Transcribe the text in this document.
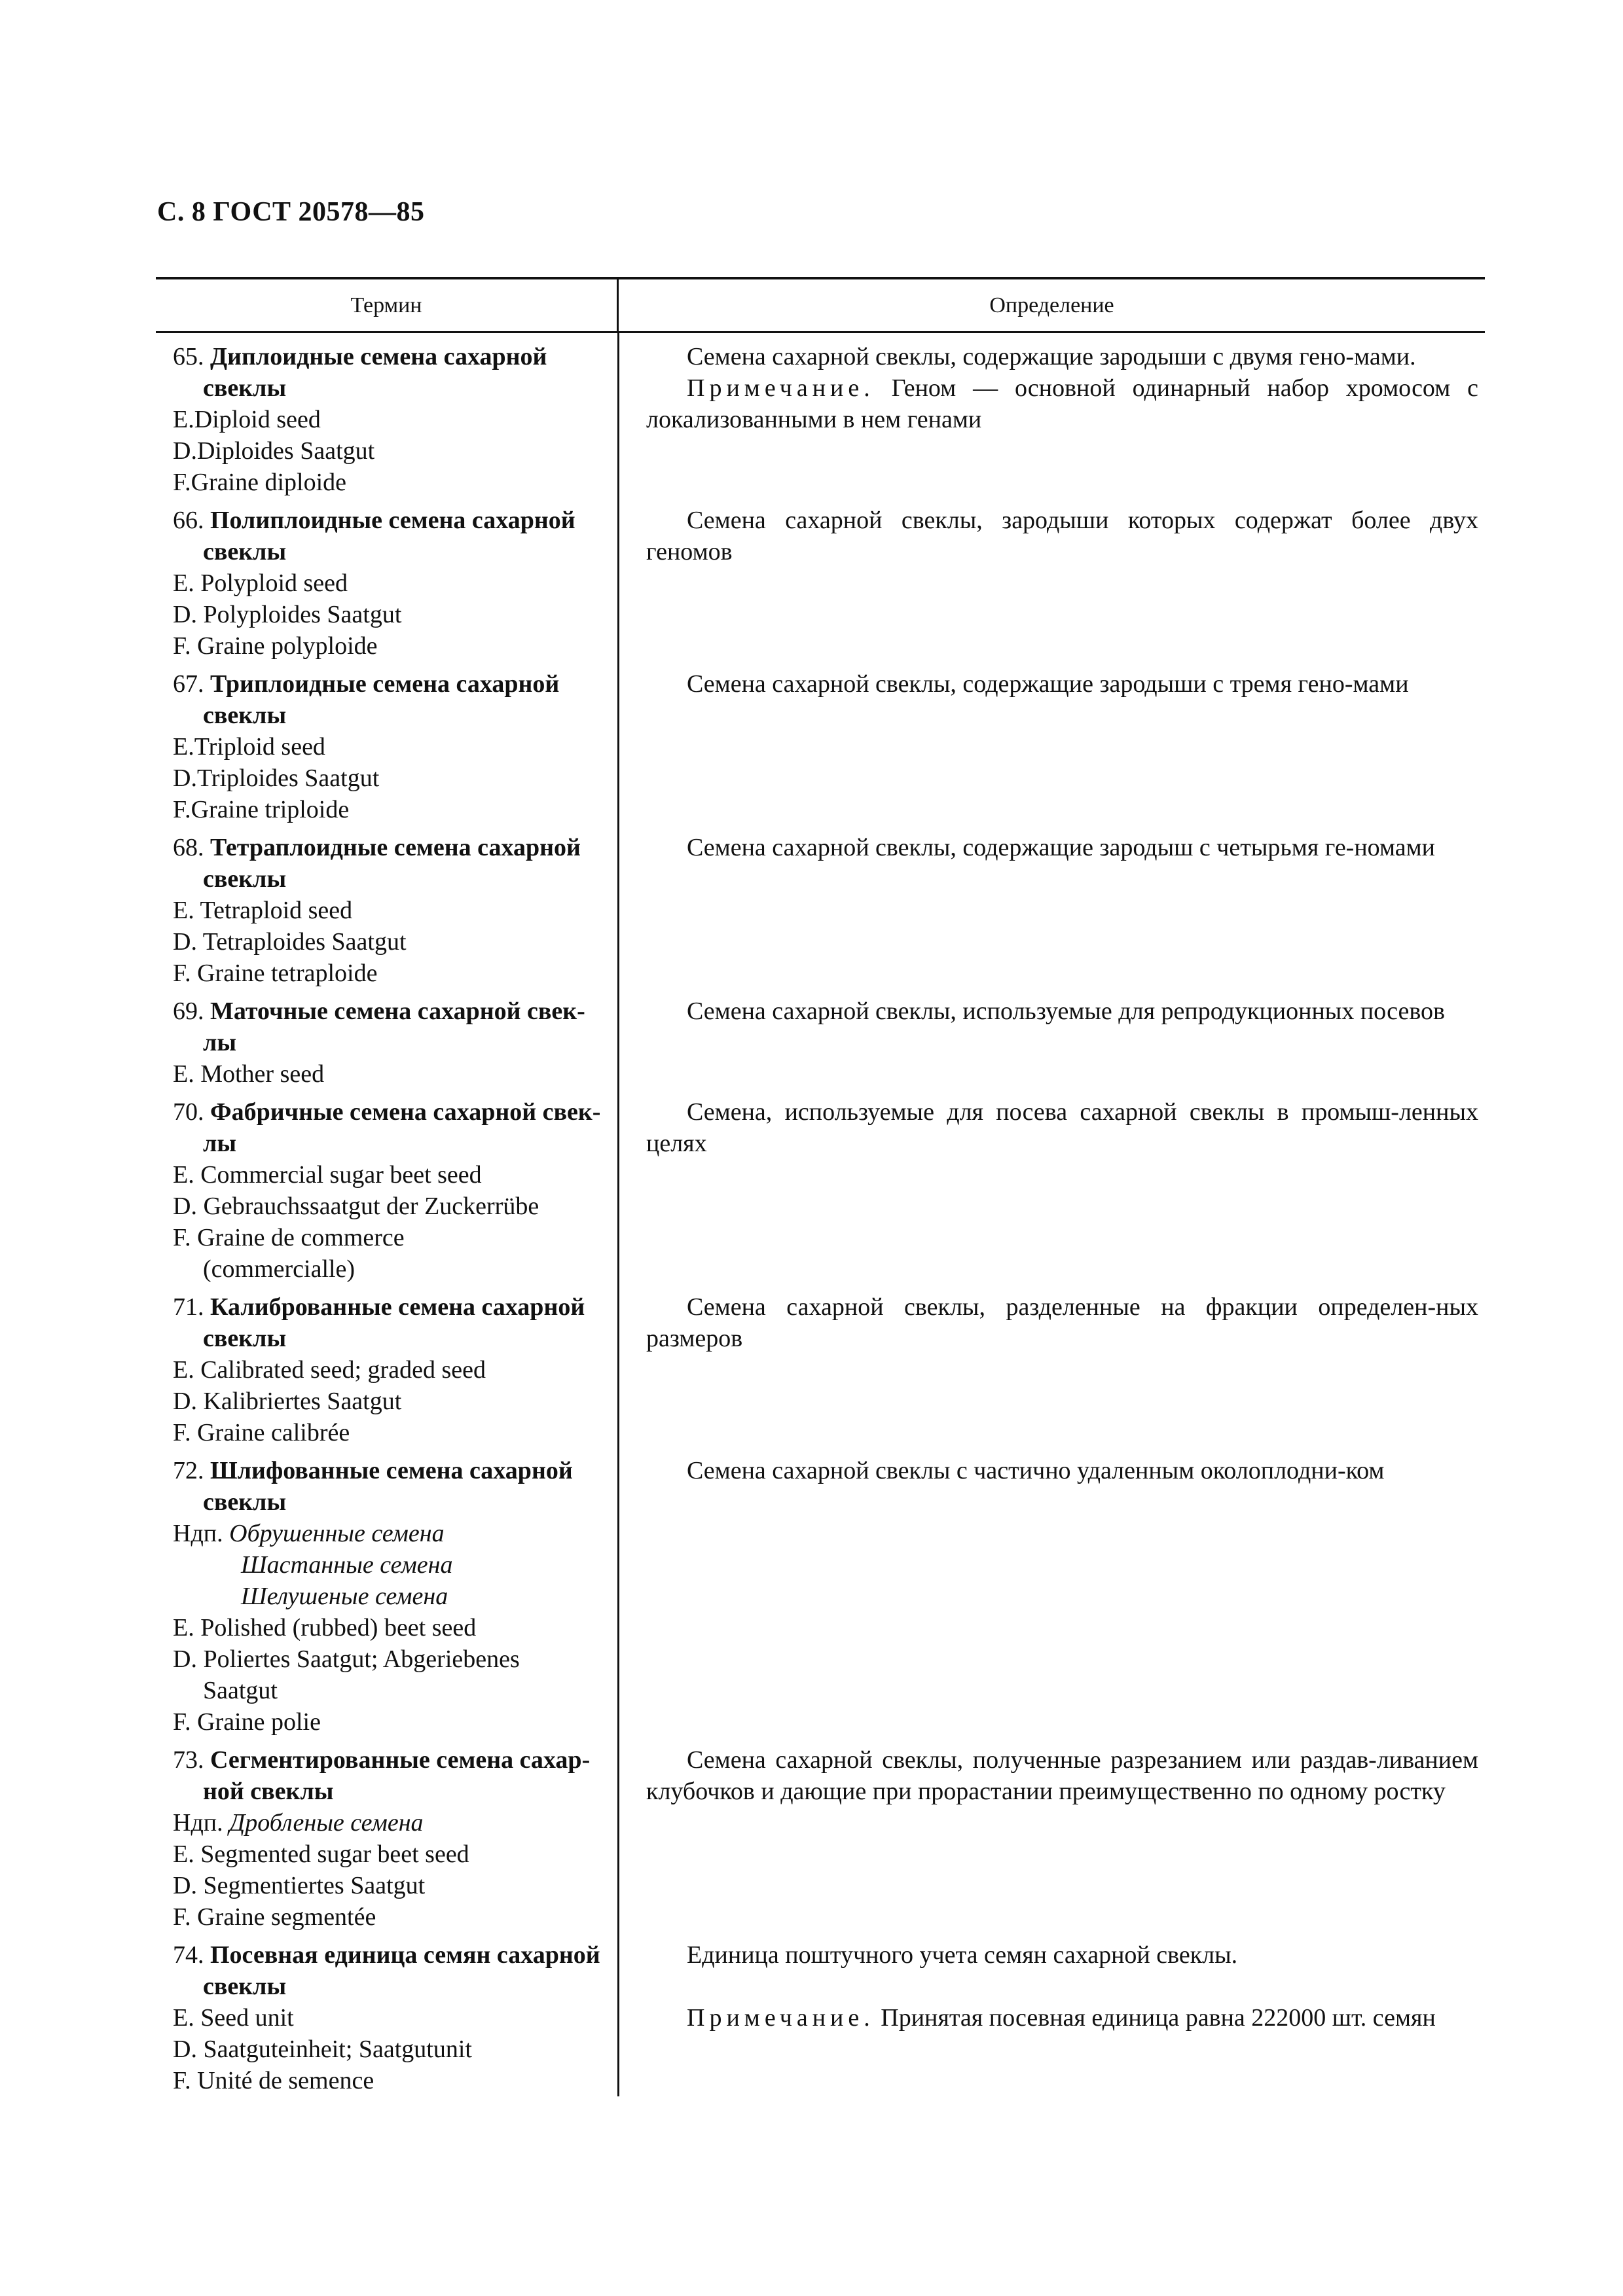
С. 8 ГОСТ 20578—85
Термин	Определение
65. Диплоидные семена сахарной
свеклы
E.Diploid seed
D.Diploides Saatgut
F.Graine diploide

Семена сахарной свеклы, содержащие зародыши с двумя гено-мами.

Примечание. Геном — основной одинарный набор хромосом с локализованными в нем генами

66. Полиплоидные семена сахарной
свеклы
E. Polyploid seed
D. Polyploides Saatgut
F. Graine polyploide

Семена сахарной свеклы, зародыши которых содержат более двух геномов

67. Триплоидные семена сахарной
свеклы
E.Triploid seed
D.Triploides Saatgut
F.Graine triploide

Семена сахарной свеклы, содержащие зародыши с тремя гено-мами

68. Тетраплоидные семена сахарной
свеклы
E. Tetraploid seed
D. Tetraploides Saatgut
F. Graine tetraploide

Семена сахарной свеклы, содержащие зародыш с четырьмя ге-номами

69. Маточные семена сахарной свек-
лы
E. Mother seed

Семена сахарной свеклы, используемые для репродукционных посевов

70. Фабричные семена сахарной свек-
лы
E. Commercial sugar beet seed
D. Gebrauchssaatgut der Zuckerrübe
F. Graine de commerce
(commercialle)

Семена, используемые для посева сахарной свеклы в промыш-ленных целях

71. Калиброванные семена сахарной
свеклы
E. Calibrated seed; graded seed
D. Kalibriertes Saatgut
F. Graine calibrée

Семена сахарной свеклы, разделенные на фракции определен-ных размеров

72. Шлифованные семена сахарной
свеклы
Ндп. Обрушенные семена
Шастанные семена
Шелушеные семена
E. Polished (rubbed) beet seed
D. Poliertes Saatgut; Abgeriebenes
Saatgut
F. Graine polie

Семена сахарной свеклы с частично удаленным околоплодни-ком

73. Сегментированные семена сахар-
ной свеклы
Ндп. Дробленые семена
E. Segmented sugar beet seed
D. Segmentiertes Saatgut
F. Graine segmentée

Семена сахарной свеклы, полученные разрезанием или раздав-ливанием клубочков и дающие при прорастании преимущественно по одному ростку

74. Посевная единица семян сахарной
свеклы
E. Seed unit
D. Saatguteinheit; Saatgutunit
F. Unité de semence

Единица поштучного учета семян сахарной свеклы.

Примечание. Принятая посевная единица равна 222000 шт. семян
